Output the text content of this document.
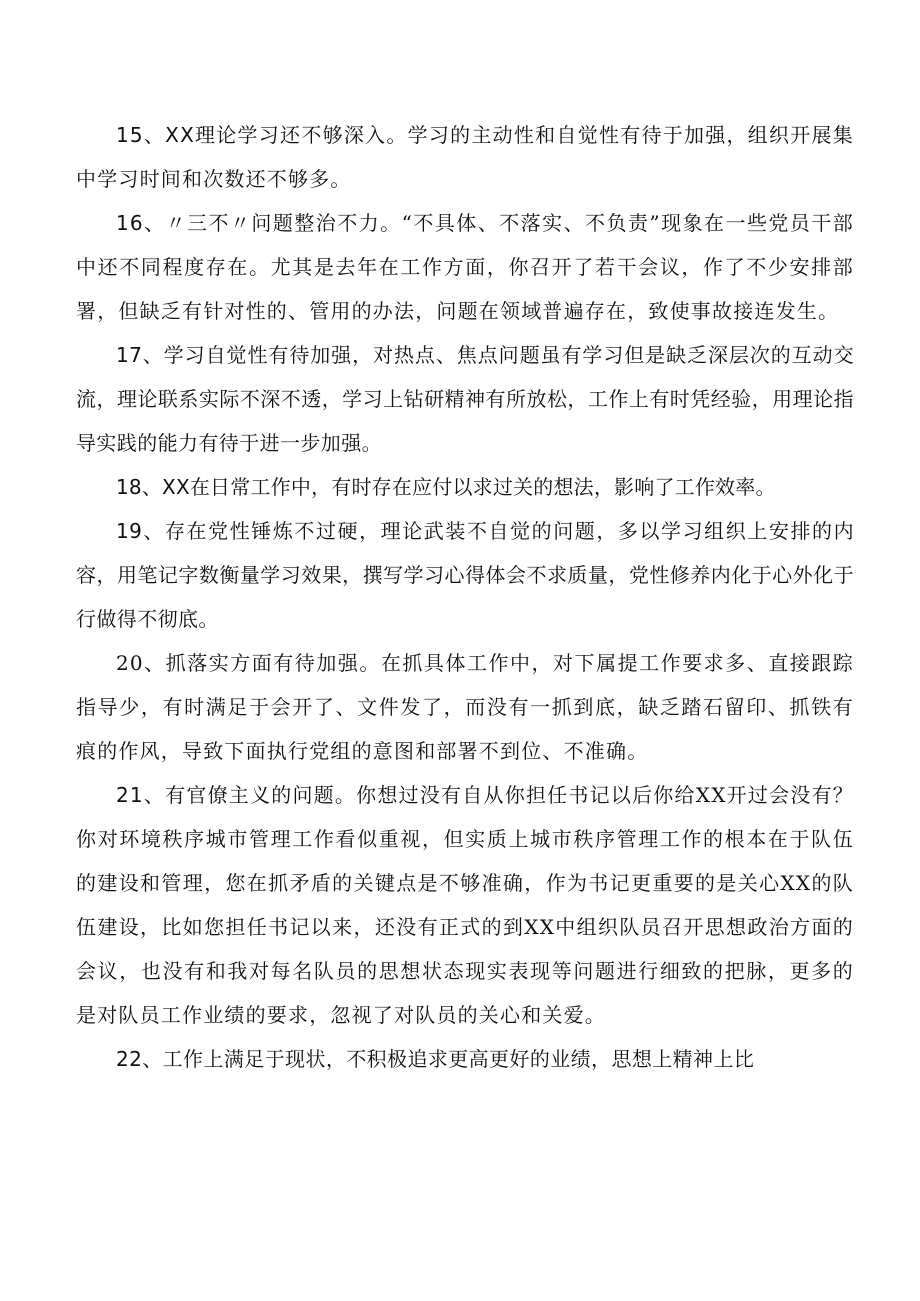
15、XX理论学习还不够深入。学习的主动性和自觉性有待于加强，组织开展集中学习时间和次数还不够多。

16、〃三不〃问题整治不力。“不具体、不落实、不负责”现象在一些党员干部中还不同程度存在。尤其是去年在工作方面，你召开了若干会议，作了不少安排部署，但缺乏有针对性的、管用的办法，问题在领域普遍存在，致使事故接连发生。

17、学习自觉性有待加强，对热点、焦点问题虽有学习但是缺乏深层次的互动交流，理论联系实际不深不透，学习上钻研精神有所放松，工作上有时凭经验，用理论指导实践的能力有待于进一步加强。

18、XX在日常工作中，有时存在应付以求过关的想法，影响了工作效率。

19、存在党性锤炼不过硬，理论武装不自觉的问题，多以学习组织上安排的内容，用笔记字数衡量学习效果，撰写学习心得体会不求质量，党性修养内化于心外化于行做得不彻底。

20、抓落实方面有待加强。在抓具体工作中，对下属提工作要求多、直接跟踪指导少，有时满足于会开了、文件发了，而没有一抓到底，缺乏踏石留印、抓铁有痕的作风，导致下面执行党组的意图和部署不到位、不准确。

21、有官僚主义的问题。你想过没有自从你担任书记以后你给XX开过会没有？你对环境秩序城市管理工作看似重视，但实质上城市秩序管理工作的根本在于队伍的建设和管理，您在抓矛盾的关键点是不够准确，作为书记更重要的是关心XX的队伍建设，比如您担任书记以来，还没有正式的到XX中组织队员召开思想政治方面的会议，也没有和我对每名队员的思想状态现实表现等问题进行细致的把脉，更多的是对队员工作业绩的要求，忽视了对队员的关心和关爱。

22、工作上满足于现状，不积极追求更高更好的业绩，思想上精神上比
